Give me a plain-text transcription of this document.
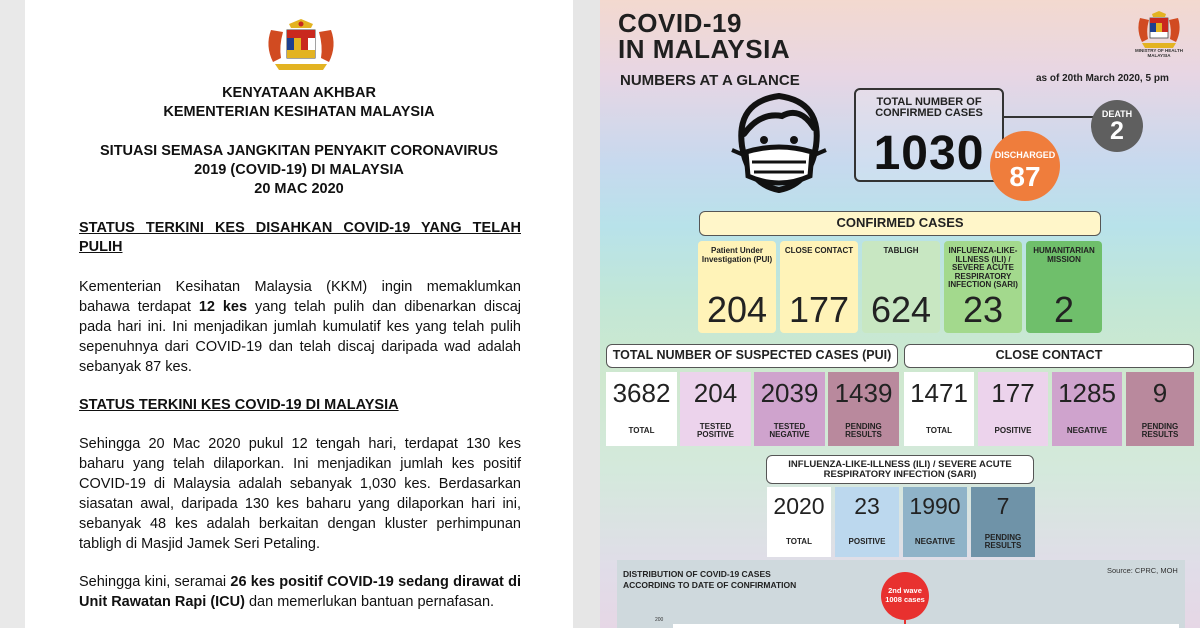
KENYATAAN AKHBAR
KEMENTERIAN KESIHATAN MALAYSIA
SITUASI SEMASA JANGKITAN PENYAKIT CORONAVIRUS
2019 (COVID-19) DI MALAYSIA
20 MAC 2020
STATUS TERKINI KES DISAHKAN COVID-19 YANG TELAH
PULIH

Kementerian Kesihatan Malaysia (KKM) ingin memaklumkan bahawa terdapat 12 kes yang telah pulih dan dibenarkan discaj pada hari ini. Ini menjadikan jumlah kumulatif kes yang telah pulih sepenuhnya dari COVID-19 dan telah discaj daripada wad adalah sebanyak 87 kes.

STATUS TERKINI KES COVID-19 DI MALAYSIA

Sehingga 20 Mac 2020 pukul 12 tengah hari, terdapat 130 kes baharu yang telah dilaporkan. Ini menjadikan jumlah kes positif COVID-19 di Malaysia adalah sebanyak 1,030 kes. Berdasarkan siasatan awal, daripada 130 kes baharu yang dilaporkan hari ini, sebanyak 48 kes adalah berkaitan dengan kluster perhimpunan tabligh di Masjid Jamek Seri Petaling.

Sehingga kini, seramai 26 kes positif COVID-19 sedang dirawat di Unit Rawatan Rapi (ICU) dan memerlukan bantuan pernafasan.

COVID-19
IN MALAYSIA
NUMBERS AT A GLANCE	as of 20th March 2020, 5 pm
MINISTRY OF HEALTH MALAYSIA
TOTAL NUMBER OF CONFIRMED CASES
1030
DEATH
2
DISCHARGED
87
CONFIRMED CASES
Patient Under Investigation (PUI)
204
CLOSE CONTACT
177
TABLIGH
624
INFLUENZA-LIKE-ILLNESS (ILI) / SEVERE ACUTE RESPIRATORY INFECTION (SARI)
23
HUMANITARIAN MISSION
2
TOTAL NUMBER OF SUSPECTED CASES (PUI)	CLOSE CONTACT
3682
TOTAL
204
TESTED POSITIVE
2039
TESTED NEGATIVE
1439
PENDING RESULTS
1471
TOTAL
177
POSITIVE
1285
NEGATIVE
9
PENDING RESULTS
INFLUENZA-LIKE-ILLNESS (ILI) / SEVERE ACUTE RESPIRATORY INFECTION (SARI)
2020
TOTAL
23
POSITIVE
1990
NEGATIVE
7
PENDING RESULTS
DISTRIBUTION OF COVID-19 CASES ACCORDING TO DATE OF CONFIRMATION
Source: CPRC, MOH
2nd wave 1008 cases
200
